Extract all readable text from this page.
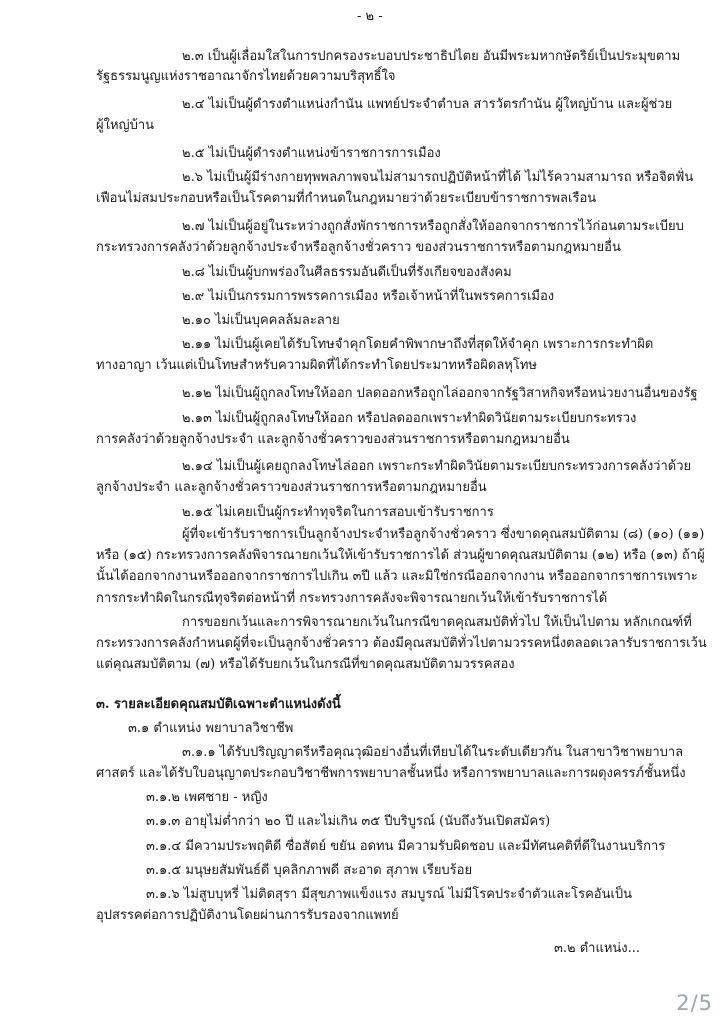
- ๒ -
๒.๓ เป็นผู้เลื่อมใสในการปกครองระบอบประชาธิปไตย อันมีพระมหากษัตริย์เป็นประมุขตาม
รัฐธรรมนูญแห่งราชอาณาจักรไทยด้วยความบริสุทธิ์ใจ
๒.๔ ไม่เป็นผู้ดำรงตำแหน่งกำนัน แพทย์ประจำตำบล สารวัตรกำนัน ผู้ใหญ่บ้าน และผู้ช่วย
ผู้ใหญ่บ้าน
๒.๕ ไม่เป็นผู้ดำรงตำแหน่งข้าราชการการเมือง
๒.๖ ไม่เป็นผู้มีร่างกายทุพพลภาพจนไม่สามารถปฏิบัติหน้าที่ได้ ไม่ไร้ความสามารถ หรือจิตฟั่น
เฟือนไม่สมประกอบหรือเป็นโรคตามที่กำหนดในกฎหมายว่าด้วยระเบียบข้าราชการพลเรือน
๒.๗ ไม่เป็นผู้อยู่ในระหว่างถูกสั่งพักราชการหรือถูกสั่งให้ออกจากราชการไว้ก่อนตามระเบียบ
กระทรวงการคลังว่าด้วยลูกจ้างประจำหรือลูกจ้างชั่วคราว ของส่วนราชการหรือตามกฎหมายอื่น
๒.๘ ไม่เป็นผู้บกพร่องในศีลธรรมอันดีเป็นที่รังเกียจของสังคม
๒.๙ ไม่เป็นกรรมการพรรคการเมือง หรือเจ้าหน้าที่ในพรรคการเมือง
๒.๑๐ ไม่เป็นบุคคลล้มละลาย
๒.๑๑ ไม่เป็นผู้เคยได้รับโทษจำคุกโดยคำพิพากษาถึงที่สุดให้จำคุก เพราะการกระทำผิด
ทางอาญา เว้นแต่เป็นโทษสำหรับความผิดที่ได้กระทำโดยประมาทหรือผิดลหุโทษ
๒.๑๒ ไม่เป็นผู้ถูกลงโทษให้ออก ปลดออกหรือถูกไล่ออกจากรัฐวิสาหกิจหรือหน่วยงานอื่นของรัฐ
๒.๑๓ ไม่เป็นผู้ถูกลงโทษให้ออก หรือปลดออกเพราะทำผิดวินัยตามระเบียบกระทรวง
การคลังว่าด้วยลูกจ้างประจำ และลูกจ้างชั่วคราวของส่วนราชการหรือตามกฎหมายอื่น
๒.๑๔ ไม่เป็นผู้เคยถูกลงโทษไล่ออก เพราะกระทำผิดวินัยตามระเบียบกระทรวงการคลังว่าด้วย
ลูกจ้างประจำ และลูกจ้างชั่วคราวของส่วนราชการหรือตามกฎหมายอื่น
๒.๑๕ ไม่เคยเป็นผู้กระทำทุจริตในการสอบเข้ารับราชการ
ผู้ที่จะเข้ารับราชการเป็นลูกจ้างประจำหรือลูกจ้างชั่วคราว ซึ่งขาดคุณสมบัติตาม (๘) (๑๐) (๑๑)
หรือ (๑๕) กระทรวงการคลังพิจารณายกเว้นให้เข้ารับราชการได้ ส่วนผู้ขาดคุณสมบัติตาม (๑๒) หรือ (๑๓) ถ้าผู้
นั้นได้ออกจากงานหรือออกจากราชการไปเกิน ๓ปี แล้ว และมิใช่กรณีออกจากงาน หรือออกจากราชการเพราะ
การกระทำผิดในกรณีทุจริตต่อหน้าที่ กระทรวงการคลังจะพิจารณายกเว้นให้เข้ารับราชการได้
การขอยกเว้นและการพิจารณายกเว้นในกรณีขาดคุณสมบัติทั่วไป ให้เป็นไปตาม หลักเกณฑ์ที่
กระทรวงการคลังกำหนดผู้ที่จะเป็นลูกจ้างชั่วคราว ต้องมีคุณสมบัติทั่วไปตามวรรคหนึ่งตลอดเวลารับราชการเว้น
แต่คุณสมบัติตาม (๗) หรือได้รับยกเว้นในกรณีที่ขาดคุณสมบัติตามวรรคสอง
๓. รายละเอียดคุณสมบัติเฉพาะตำแหน่งดังนี้
๓.๑ ตำแหน่ง พยาบาลวิชาชีพ
๓.๑.๑ ได้รับปริญญาตรีหรือคุณวุฒิอย่างอื่นที่เทียบได้ในระดับเดียวกัน ในสาขาวิชาพยาบาล
ศาสตร์ และได้รับใบอนุญาตประกอบวิชาชีพการพยาบาลชั้นหนึ่ง หรือการพยาบาลและการผดุงครรภ์ชั้นหนึ่ง
๓.๑.๒ เพศชาย - หญิง
๓.๑.๓ อายุไม่ต่ำกว่า ๒๐ ปี และไม่เกิน ๓๕ ปีบริบูรณ์ (นับถึงวันเปิดสมัคร)
๓.๑.๔ มีความประพฤติดี ซื่อสัตย์ ขยัน อดทน มีความรับผิดชอบ และมีทัศนคติที่ดีในงานบริการ
๓.๑.๕ มนุษยสัมพันธ์ดี บุคลิกภาพดี สะอาด สุภาพ เรียบร้อย
๓.๑.๖ ไม่สูบบุหรี่ ไม่ติดสุรา มีสุขภาพแข็งแรง สมบูรณ์ ไม่มีโรคประจำตัวและโรคอันเป็น
อุปสรรคต่อการปฏิบัติงานโดยผ่านการรับรองจากแพทย์
๓.๒ ตำแหน่ง...
2/5
